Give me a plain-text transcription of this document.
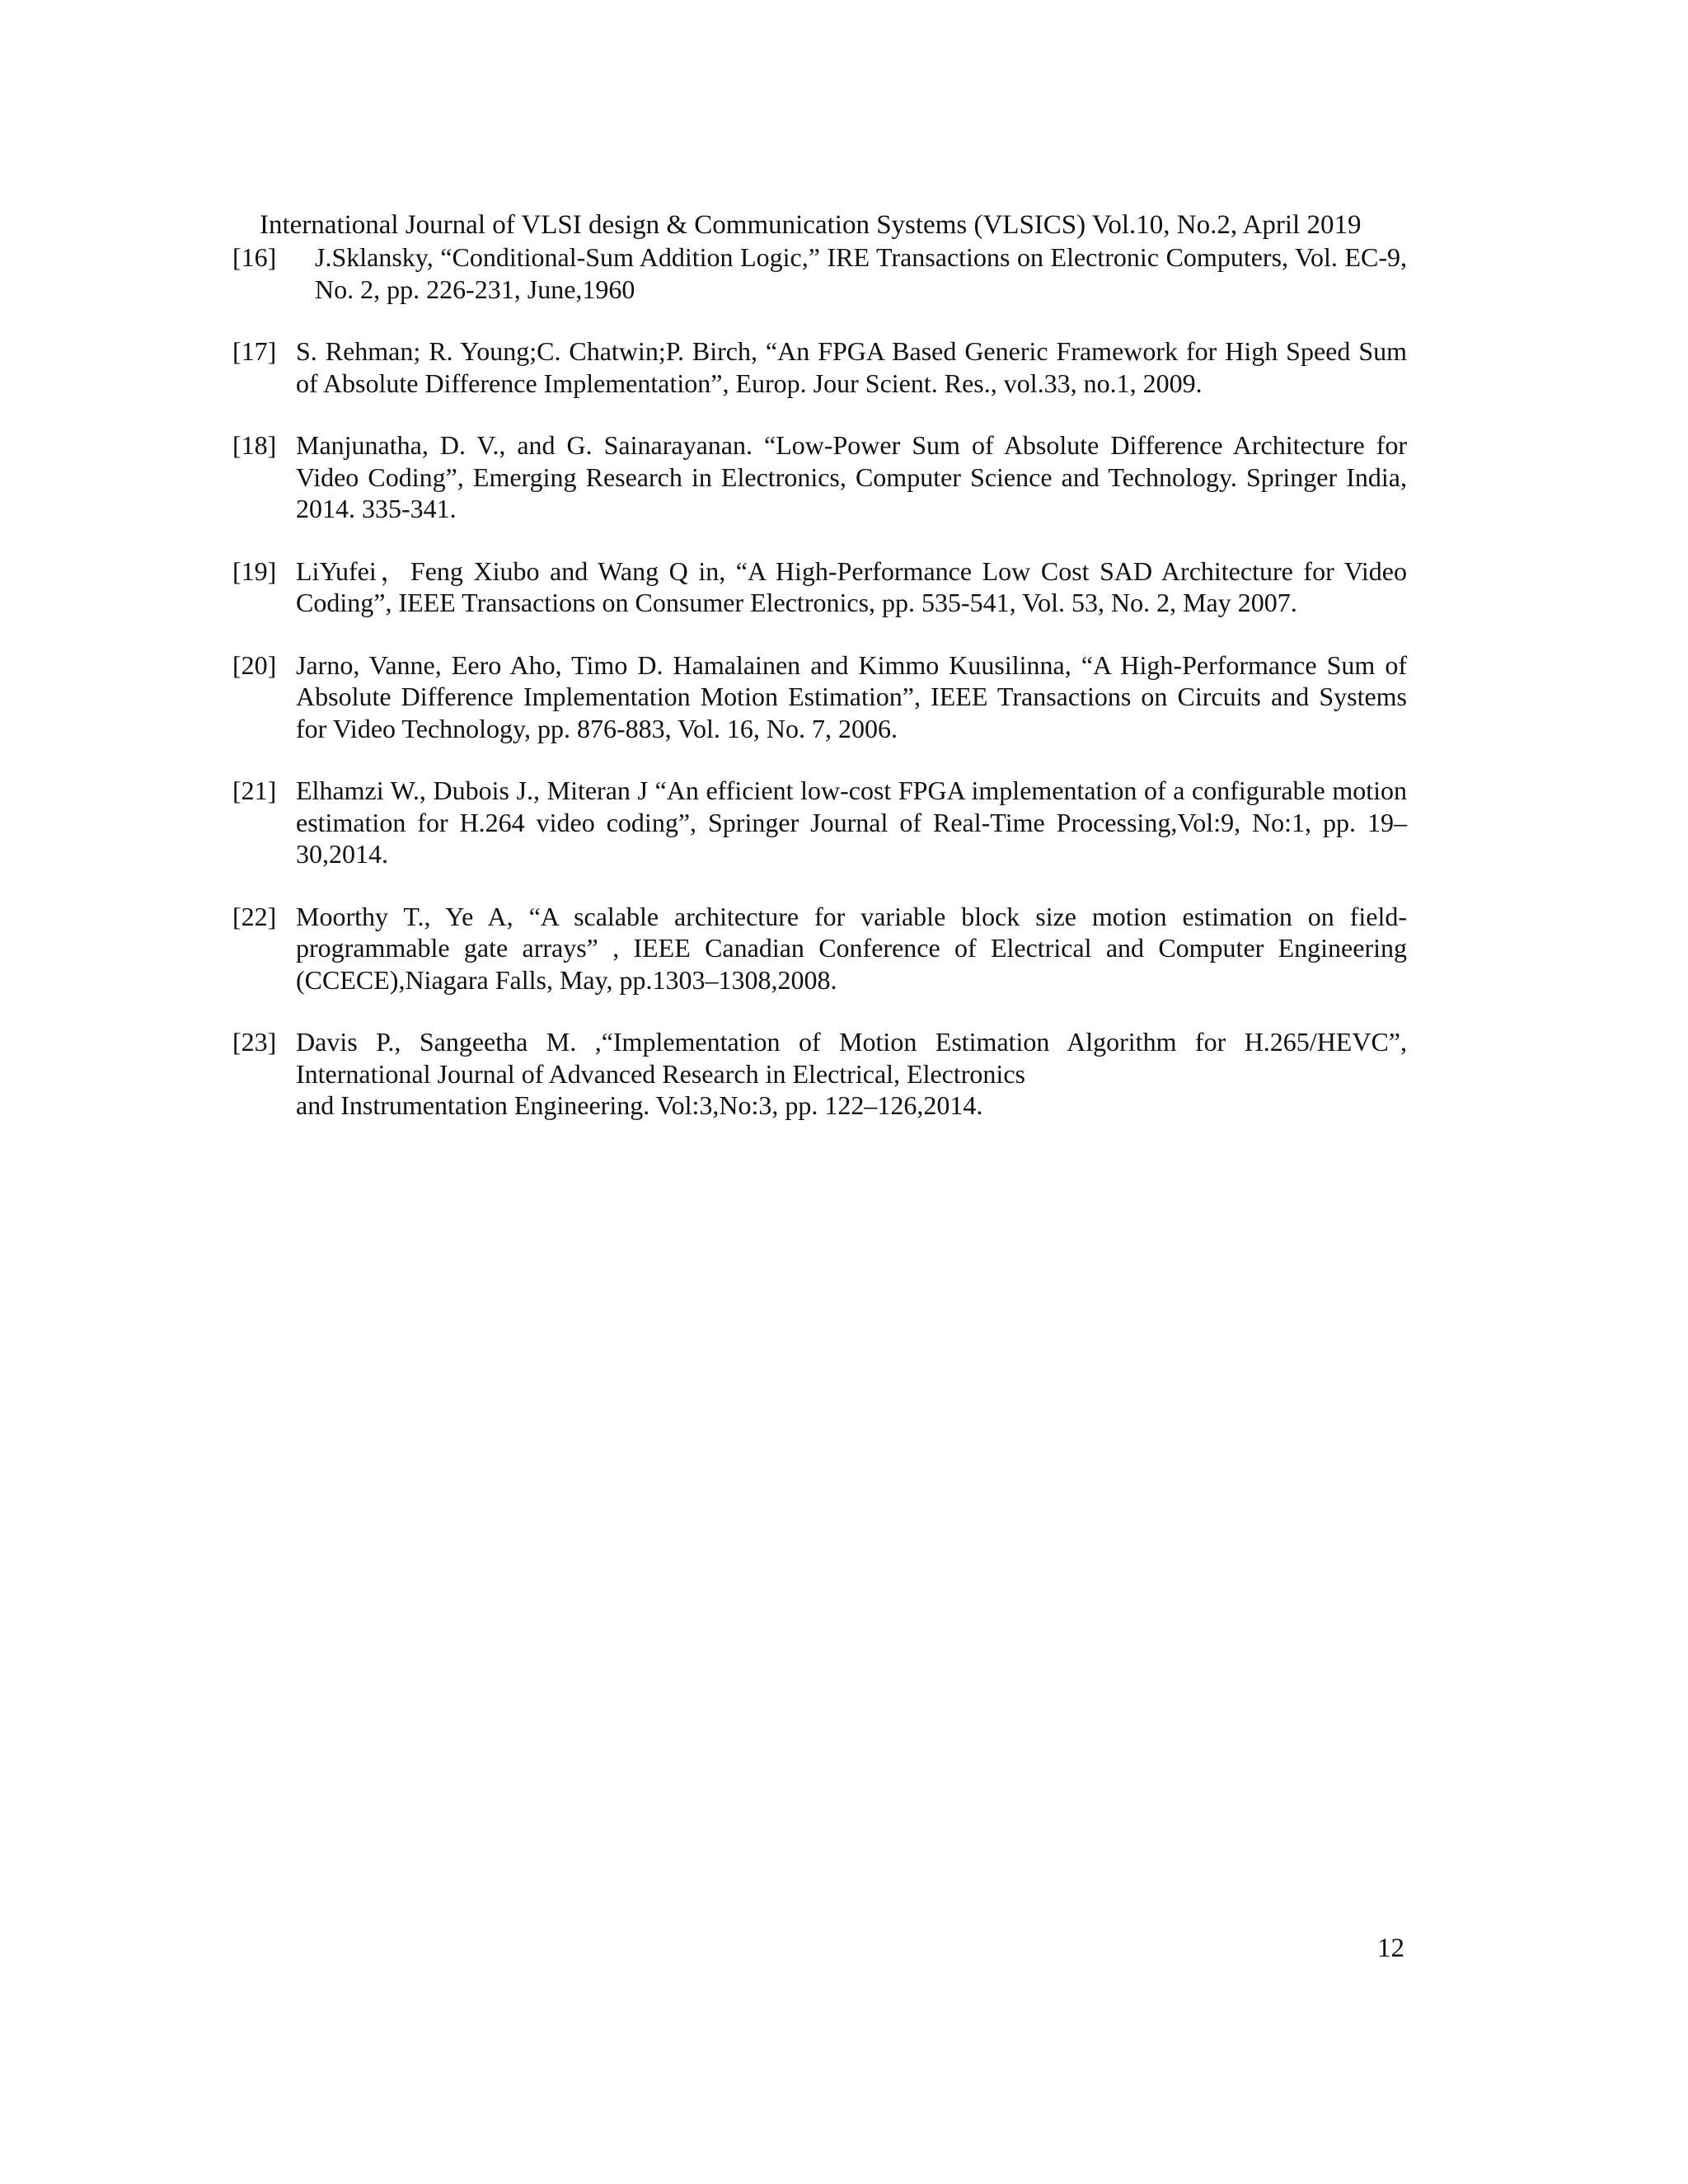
International Journal of VLSI design & Communication Systems (VLSICS) Vol.10, No.2, April 2019
[16]	J.Sklansky, “Conditional-Sum Addition Logic,” IRE Transactions on Electronic Computers, Vol. EC-9, No. 2, pp. 226-231, June,1960
[17] S. Rehman; R. Young;C. Chatwin;P. Birch, “An FPGA Based Generic Framework for High Speed Sum of Absolute Difference Implementation”, Europ. Jour Scient. Res., vol.33, no.1, 2009.
[18] Manjunatha, D. V., and G. Sainarayanan. “Low-Power Sum of Absolute Difference Architecture for Video Coding”, Emerging Research in Electronics, Computer Science and Technology. Springer India, 2014. 335-341.
[19] LiYufei，Feng Xiubo and Wang Q in, “A High-Performance Low Cost SAD Architecture for Video Coding”, IEEE Transactions on Consumer Electronics, pp. 535-541, Vol. 53, No. 2, May 2007.
[20] Jarno, Vanne, Eero Aho, Timo D. Hamalainen and Kimmo Kuusilinna, “A High-Performance Sum of Absolute Difference Implementation Motion Estimation”, IEEE Transactions on Circuits and Systems for Video Technology, pp. 876-883, Vol. 16, No. 7, 2006.
[21] Elhamzi W., Dubois J., Miteran J “An efficient low-cost FPGA implementation of a configurable motion estimation for H.264 video coding”, Springer Journal of Real-Time Processing,Vol:9, No:1, pp. 19–30,2014.
[22] Moorthy T., Ye A, “A scalable architecture for variable block size motion estimation on field-programmable gate arrays” , IEEE Canadian Conference of Electrical and Computer Engineering (CCECE),Niagara Falls, May, pp.1303–1308,2008.
[23] Davis P., Sangeetha M. ,“Implementation of Motion Estimation Algorithm for H.265/HEVC”, International Journal of Advanced Research in Electrical, Electronics
and Instrumentation Engineering. Vol:3,No:3, pp. 122–126,2014.
12
